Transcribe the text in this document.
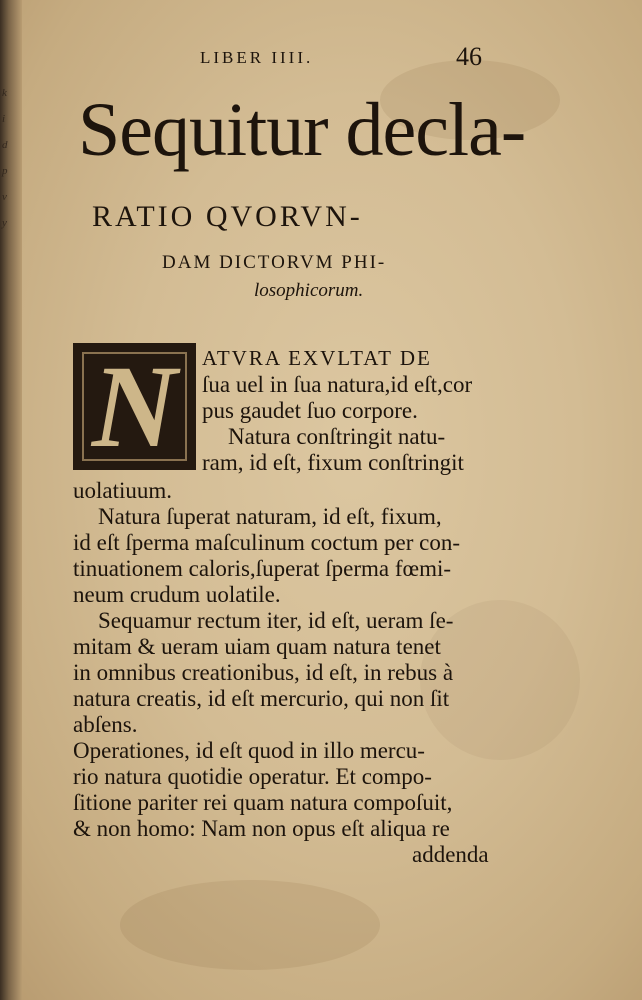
k
i
d
p
v
y
LIBER IIII.	46
Sequitur decla-
RATIO QVORVN-
DAM DICTORVM PHI-
losophicorum.
N	ATVRA EXVLTAT DE
ſua uel in ſua natura,id eſt,cor
pus gaudet ſuo corpore.
Natura conſtringit natu-
ram, id eſt, fixum conſtringit
uolatiuum.
Natura ſuperat naturam, id eſt, fixum,
id eſt ſperma maſculinum coctum per con-
tinuationem caloris,ſuperat ſperma fœmi-
neum crudum uolatile.
Sequamur rectum iter, id eſt, ueram ſe-
mitam & ueram uiam quam natura tenet
in omnibus creationibus, id eſt, in rebus à
natura creatis, id eſt mercurio, qui non ſit
abſens.
Operationes, id eſt quod in illo mercu-
rio natura quotidie operatur. Et compo-
ſitione pariter rei quam natura compoſuit,
& non homo: Nam non opus eſt aliqua re
addenda
